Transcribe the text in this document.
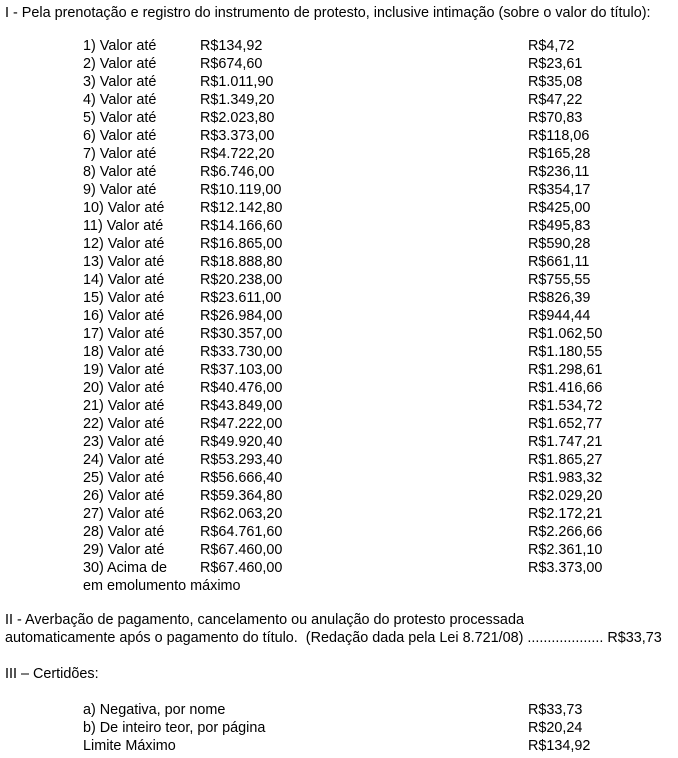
I - Pela prenotação e registro do instrumento de protesto, inclusive intimação (sobre o valor do título):

1) Valor até	R$134,92	R$4,72
2) Valor até	R$674,60	R$23,61
3) Valor até	R$1.011,90	R$35,08
4) Valor até	R$1.349,20	R$47,22
5) Valor até	R$2.023,80	R$70,83
6) Valor até	R$3.373,00	R$118,06
7) Valor até	R$4.722,20	R$165,28
8) Valor até	R$6.746,00	R$236,11
9) Valor até	R$10.119,00	R$354,17
10) Valor até	R$12.142,80	R$425,00
11) Valor até	R$14.166,60	R$495,83
12) Valor até	R$16.865,00	R$590,28
13) Valor até	R$18.888,80	R$661,11
14) Valor até	R$20.238,00	R$755,55
15) Valor até	R$23.611,00	R$826,39
16) Valor até	R$26.984,00	R$944,44
17) Valor até	R$30.357,00	R$1.062,50
18) Valor até	R$33.730,00	R$1.180,55
19) Valor até	R$37.103,00	R$1.298,61
20) Valor até	R$40.476,00	R$1.416,66
21) Valor até	R$43.849,00	R$1.534,72
22) Valor até	R$47.222,00	R$1.652,77
23) Valor até	R$49.920,40	R$1.747,21
24) Valor até	R$53.293,40	R$1.865,27
25) Valor até	R$56.666,40	R$1.983,32
26) Valor até	R$59.364,80	R$2.029,20
27) Valor até	R$62.063,20	R$2.172,21
28) Valor até	R$64.761,60	R$2.266,66
29) Valor até	R$67.460,00	R$2.361,10
30) Acima de	R$67.460,00	R$3.373,00
em emolumento máximo
II - Averbação de pagamento, cancelamento ou anulação do protesto processada
automaticamente após o pagamento do título.  (Redação dada pela Lei 8.721/08) ................... R$33,73
III – Certidões:
a) Negativa, por nome	R$33,73
b) De inteiro teor, por página	R$20,24
Limite Máximo	R$134,92
